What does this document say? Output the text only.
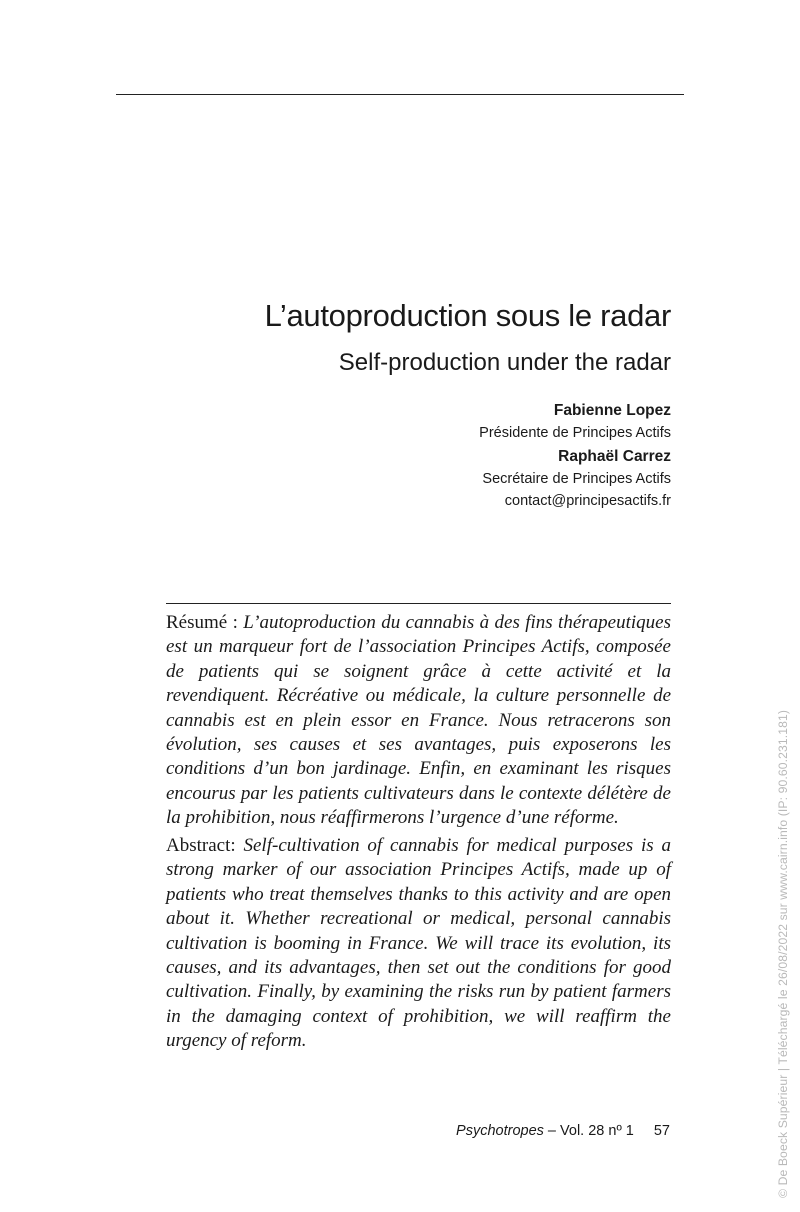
L’autoproduction sous le radar
Self-production under the radar
Fabienne Lopez
Présidente de Principes Actifs
Raphaël Carrez
Secrétaire de Principes Actifs
contact@principesactifs.fr

Résumé : L’autoproduction du cannabis à des fins thérapeutiques est un marqueur fort de l’association Principes Actifs, composée de patients qui se soignent grâce à cette activité et la revendiquent. Récréative ou médicale, la culture personnelle de cannabis est en plein essor en France. Nous retracerons son évolution, ses causes et ses avantages, puis exposerons les conditions d’un bon jardinage. Enfin, en examinant les risques encourus par les patients cultivateurs dans le contexte délétère de la prohibition, nous réaffirmerons l’urgence d’une réforme.

Abstract: Self-cultivation of cannabis for medical purposes is a strong marker of our association Principes Actifs, made up of patients who treat themselves thanks to this activity and are open about it. Whether recreational or medical, personal cannabis cultivation is booming in France. We will trace its evolution, its causes, and its advantages, then set out the conditions for good cultivation. Finally, by examining the risks run by patient farmers in the damaging context of prohibition, we will reaffirm the urgency of reform.

Psychotropes – Vol. 28 nº 1 57	© De Boeck Supérieur | Téléchargé le 26/08/2022 sur www.cairn.info (IP: 90.60.231.181)
